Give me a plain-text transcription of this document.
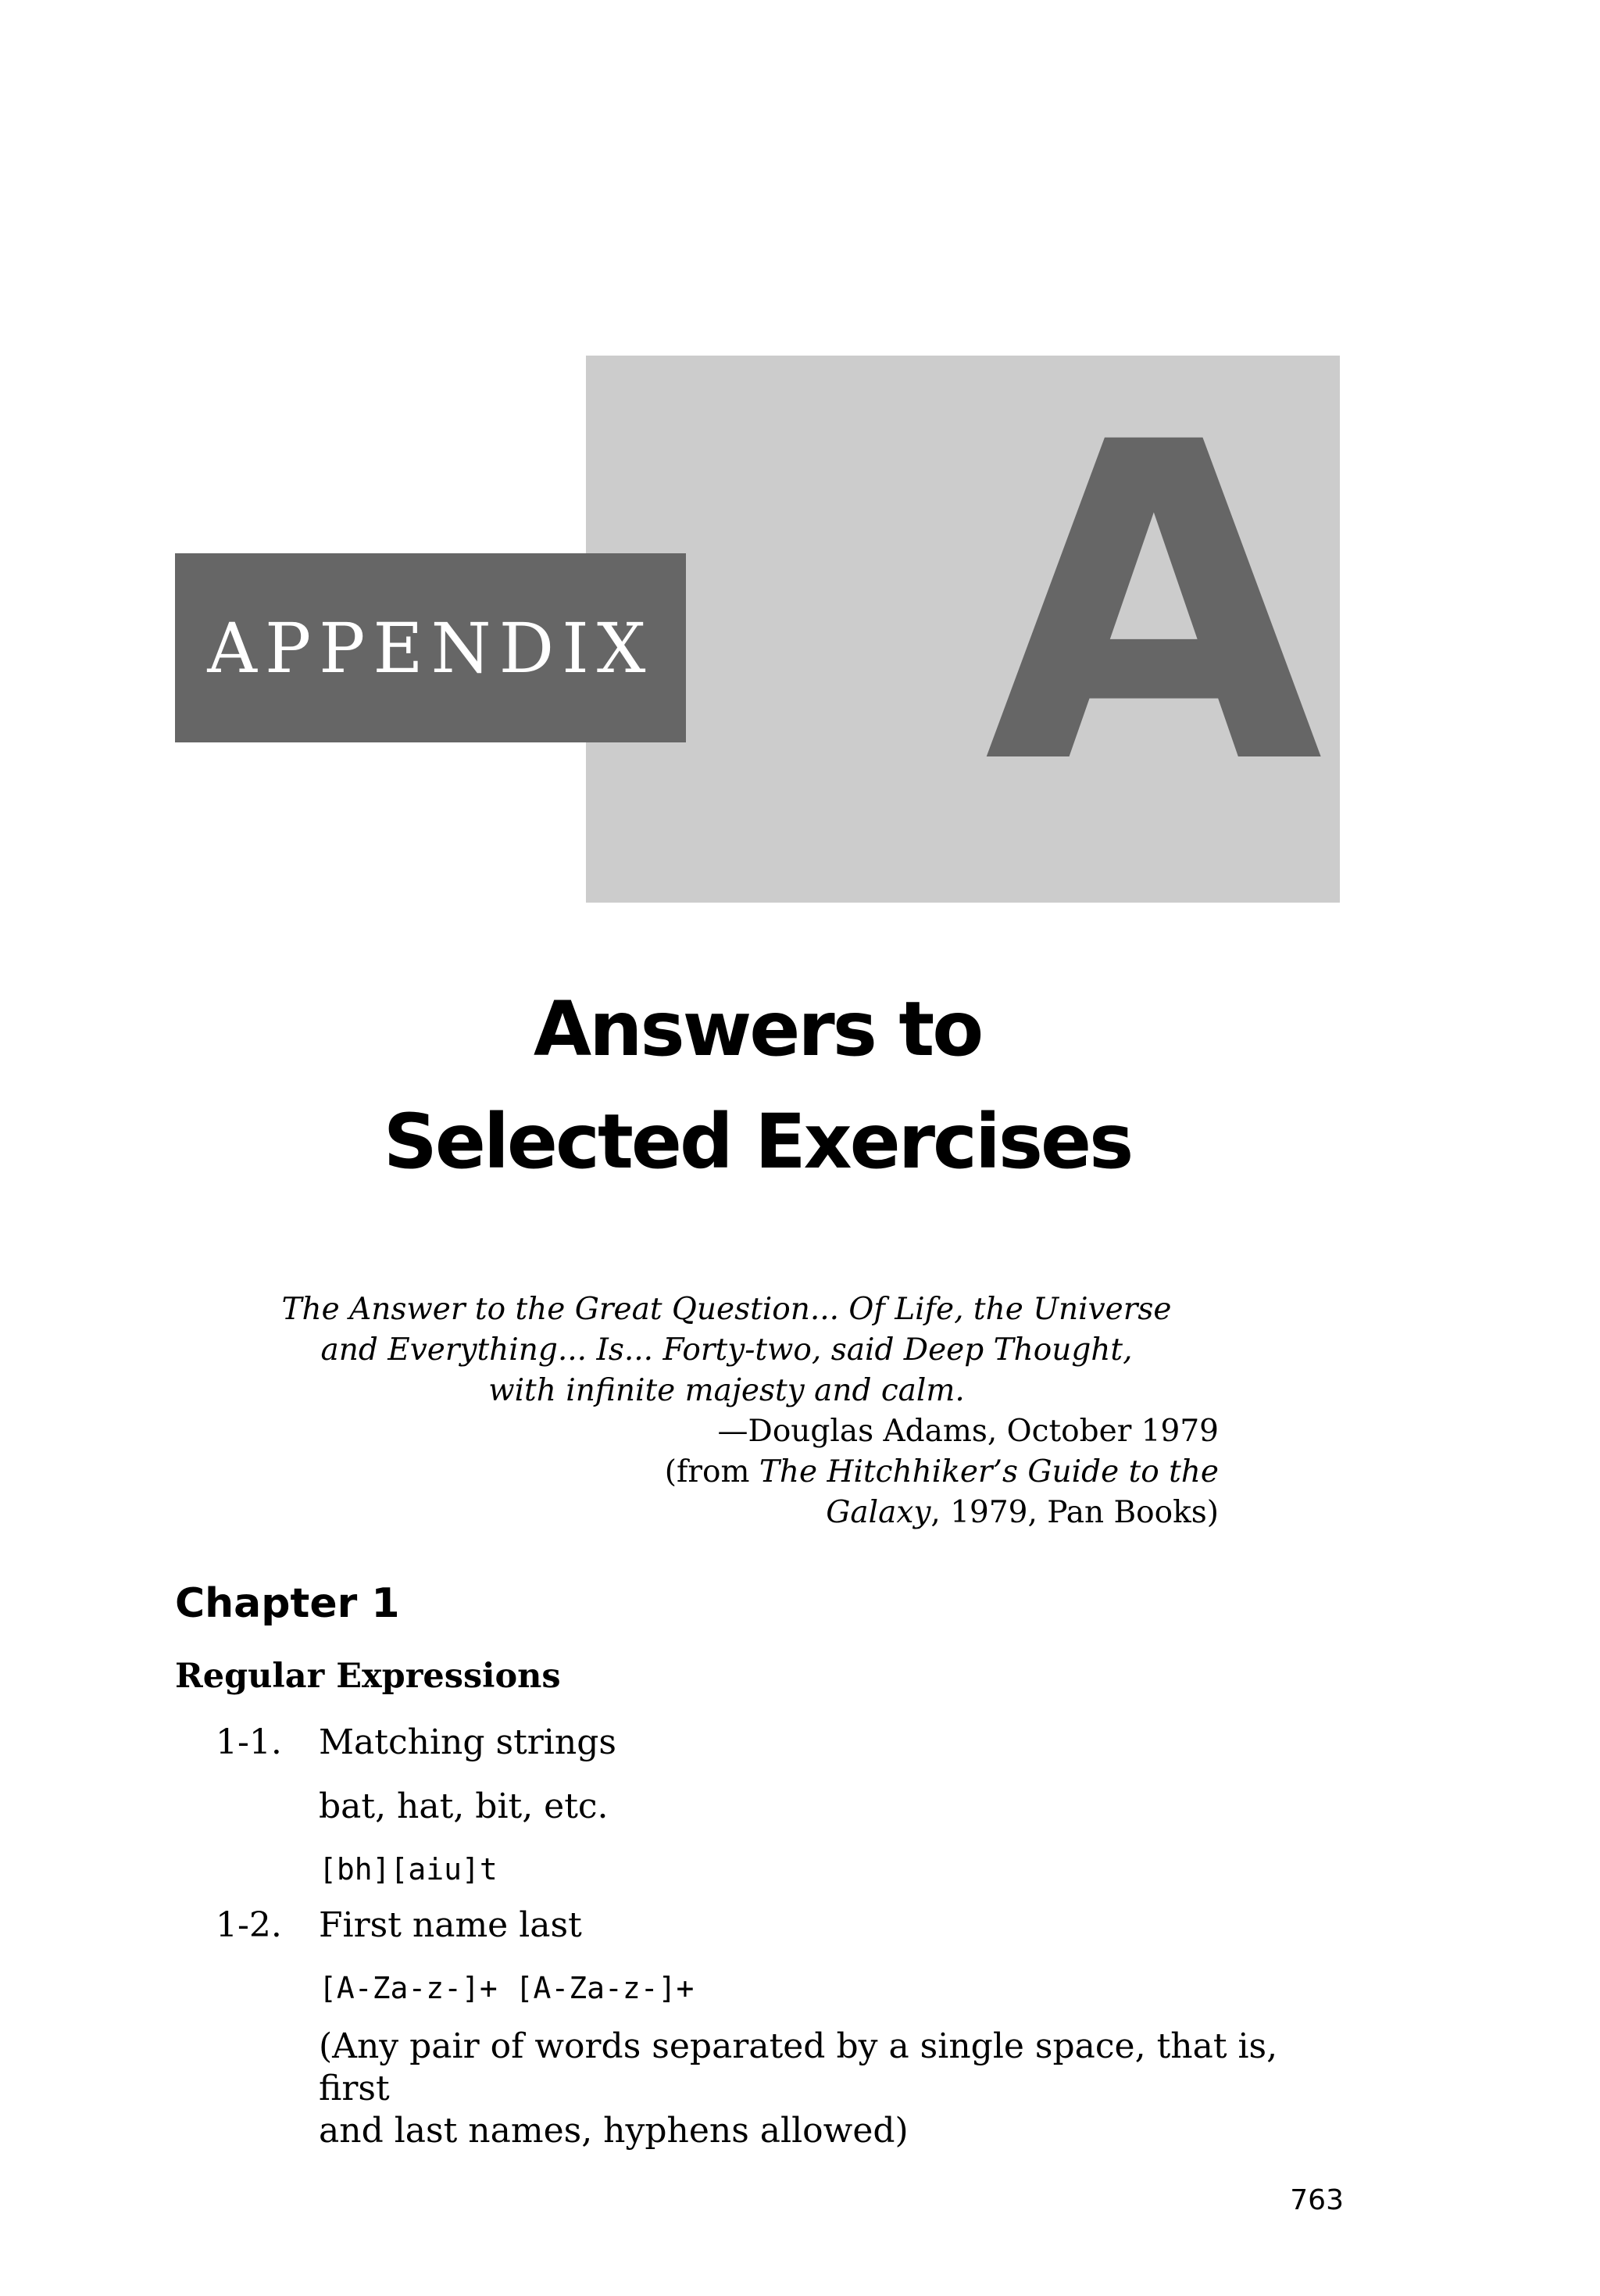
APPENDIX A
Answers to
Selected Exercises
The Answer to the Great Question... Of Life, the Universe
and Everything... Is... Forty-two, said Deep Thought,
with infinite majesty and calm.
—Douglas Adams, October 1979
(from The Hitchhiker’s Guide to the
Galaxy, 1979, Pan Books)
Chapter 1
Regular Expressions
1-1. Matching strings
bat, hat, bit, etc.
[bh][aiu]t
1-2. First name last
[A-Za-z-]+ [A-Za-z-]+
(Any pair of words separated by a single space, that is, first
and last names, hyphens allowed)
763
